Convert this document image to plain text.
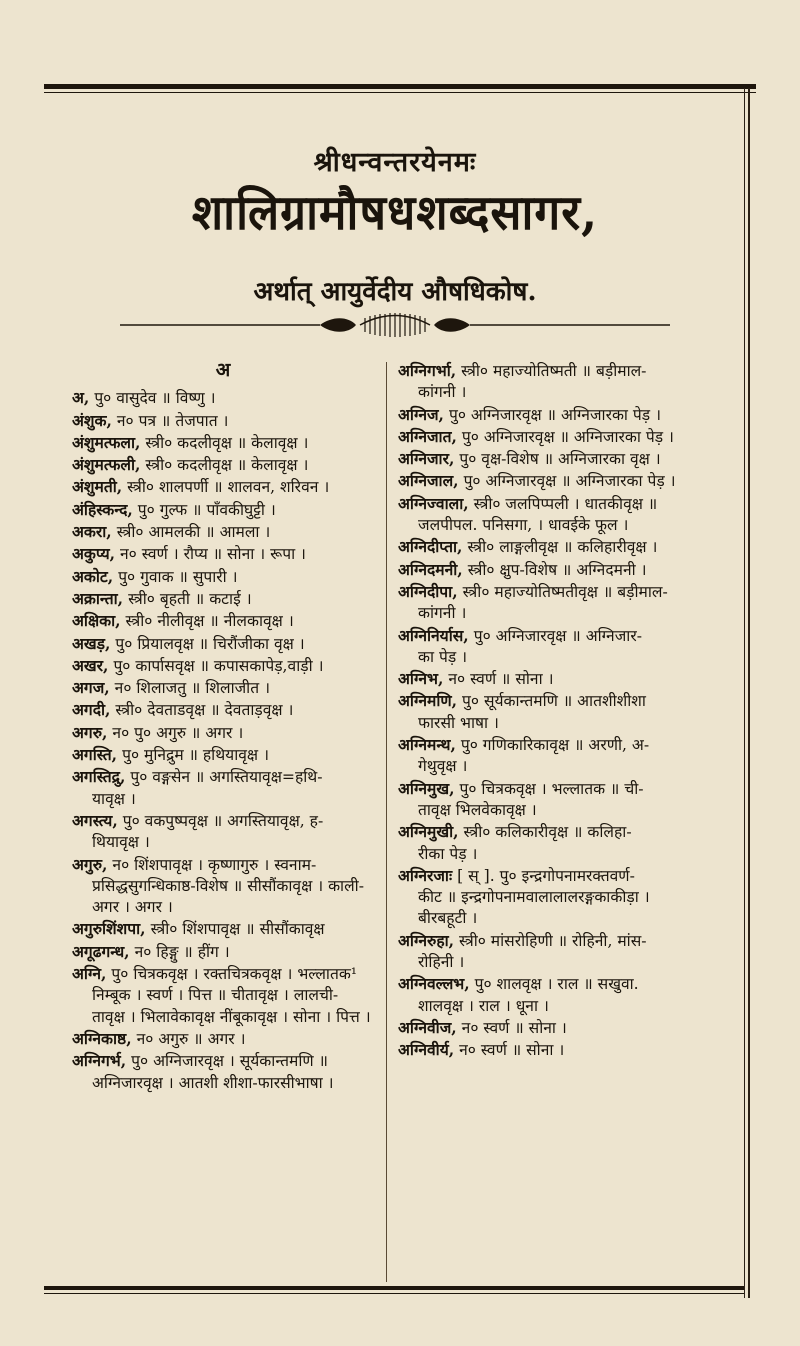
श्रीधन्वन्तरयेनमः
शालिग्रामौषधशब्दसागर,
अर्थात् आयुर्वेदीय औषधिकोष.
अ

अ, पु० वासुदेव ॥ विष्णु ।

अंशुक, न० पत्र ॥ तेजपात ।

अंशुमत्फला, स्त्री० कदलीवृक्ष ॥ केलावृक्ष ।

अंशुमत्फली, स्त्री० कदलीवृक्ष ॥ केलावृक्ष ।

अंशुमती, स्त्री० शालपर्णी ॥ शालवन, शरिवन ।

अंहिस्कन्द, पु० गुल्फ ॥ पाँवकीघुट्टी ।

अकरा, स्त्री० आमलकी ॥ आमला ।

अकुप्य, न० स्वर्ण । रौप्य ॥ सोना । रूपा ।

अकोट, पु० गुवाक ॥ सुपारी ।

अक्रान्ता, स्त्री० बृहती ॥ कटाई ।

अक्षिका, स्त्री० नीलीवृक्ष ॥ नीलकावृक्ष ।

अखड़, पु० प्रियालवृक्ष ॥ चिरौंजीका वृक्ष ।

अखर, पु० कार्पासवृक्ष ॥ कपासकापेड़,वाड़ी ।

अगज, न० शिलाजतु ॥ शिलाजीत ।

अगदी, स्त्री० देवताडवृक्ष ॥ देवताड़वृक्ष ।

अगरु, न० पु० अगुरु ॥ अगर ।

अगस्ति, पु० मुनिद्रुम ॥ हथियावृक्ष ।

अगस्तिद्रु, पु० वङ्गसेन ॥ अगस्तियावृक्ष=हथि-

यावृक्ष ।

अगस्त्य, पु० वकपुष्पवृक्ष ॥ अगस्तियावृक्ष, ह-

थियावृक्ष ।

अगुरु, न० शिंशपावृक्ष । कृष्णागुरु । स्वनाम-

प्रसिद्धसुगन्धिकाष्ठ-विशेष ॥ सीसौंकावृक्ष । काली-

अगर । अगर ।

अगुरुशिंशपा, स्त्री० शिंशपावृक्ष ॥ सीसौंकावृक्ष

अगूढगन्ध, न० हिङ्गु ॥ हींग ।

अग्नि, पु० चित्रकवृक्ष । रक्तचित्रकवृक्ष । भल्लातक¹

निम्बूक । स्वर्ण । पित्त ॥ चीतावृक्ष । लालची-

तावृक्ष । भिलावेकावृक्ष नींबूकावृक्ष । सोना । पित्त ।

अग्निकाष्ठ, न० अगुरु ॥ अगर ।

अग्निगर्भ, पु० अग्निजारवृक्ष । सूर्यकान्तमणि ॥

अग्निजारवृक्ष । आतशी शीशा-फारसीभाषा ।

अग्निगर्भा, स्त्री० महाज्योतिष्मती ॥ बड़ीमाल-

कांगनी ।

अग्निज, पु० अग्निजारवृक्ष ॥ अग्निजारका पेड़ ।

अग्निजात, पु० अग्निजारवृक्ष ॥ अग्निजारका पेड़ ।

अग्निजार, पु० वृक्ष-विशेष ॥ अग्निजारका वृक्ष ।

अग्निजाल, पु० अग्निजारवृक्ष ॥ अग्निजारका पेड़ ।

अग्निज्वाला, स्त्री० जलपिप्पली । धातकीवृक्ष ॥

जलपीपल. पनिसगा, । धावईके फूल ।

अग्निदीप्ता, स्त्री० लाङ्गलीवृक्ष ॥ कलिहारीवृक्ष ।

अग्निदमनी, स्त्री० क्षुप-विशेष ॥ अग्निदमनी ।

अग्निदीपा, स्त्री० महाज्योतिष्मतीवृक्ष ॥ बड़ीमाल-

कांगनी ।

अग्निनिर्यास, पु० अग्निजारवृक्ष ॥ अग्निजार-

का पेड़ ।

अग्निभ, न० स्वर्ण ॥ सोना ।

अग्निमणि, पु० सूर्यकान्तमणि ॥ आतशीशीशा

फारसी भाषा ।

अग्निमन्थ, पु० गणिकारिकावृक्ष ॥ अरणी, अ-

गेथुवृक्ष ।

अग्निमुख, पु० चित्रकवृक्ष । भल्लातक ॥ ची-

तावृक्ष भिलवेकावृक्ष ।

अग्निमुखी, स्त्री० कलिकारीवृक्ष ॥ कलिहा-

रीका पेड़ ।

अग्निरजाः [ स् ]. पु० इन्द्रगोपनामरक्तवर्ण-

कीट ॥ इन्द्रगोपनामवालालालरङ्गकाकीड़ा ।

बीरबहूटी ।

अग्निरुहा, स्त्री० मांसरोहिणी ॥ रोहिनी, मांस-

रोहिनी ।

अग्निवल्लभ, पु० शालवृक्ष । राल ॥ सखुवा.

शालवृक्ष । राल । धूना ।

अग्निवीज, न० स्वर्ण ॥ सोना ।

अग्निवीर्य, न० स्वर्ण ॥ सोना ।
